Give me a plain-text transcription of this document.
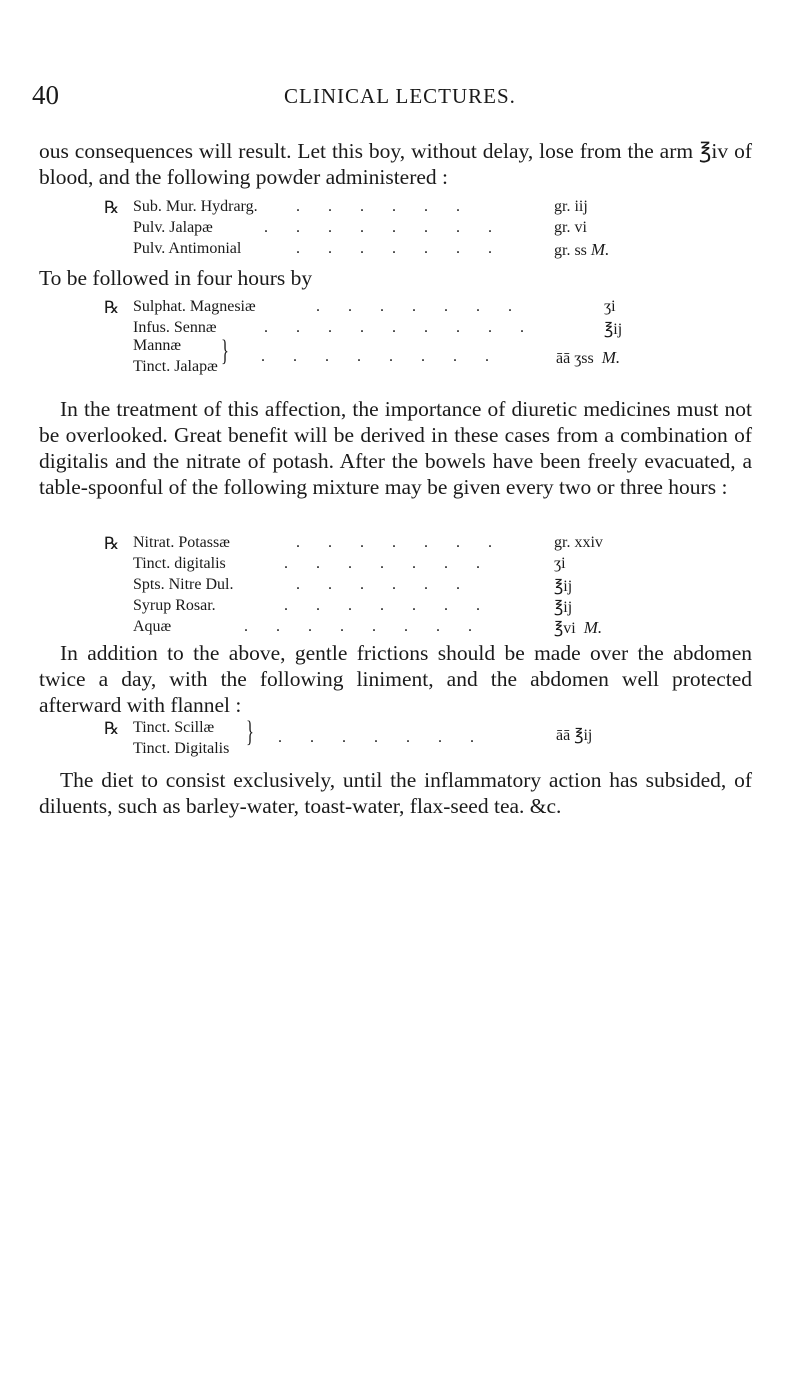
40	CLINICAL LECTURES.

ous consequences will result. Let this boy, without delay, lose from the arm ℥iv of blood, and the following powder administered :

℞ Sub. Mur. Hydrarg. . . . . . .	gr. iij
Pulv. Jalapæ	. . . . . . . .	gr. vi
Pulv. Antimonial	. . . . . . .	gr. ss M.

To be followed in four hours by

℞ Sulphat. Magnesiæ	. . . . . . .	ʒi
Infus. Sennæ	. . . . . . . . .	℥ij
Mannæ } . . . . . . . .	āā ʒss M.
Tinct. Jalapæ

In the treatment of this affection, the importance of diuretic medicines must not be overlooked. Great benefit will be derived in these cases from a combination of digitalis and the nitrate of potash. After the bowels have been freely evacuated, a table-spoonful of the following mixture may be given every two or three hours :

℞ Nitrat. Potassæ	. . . . . . .	gr. xxiv
Tinct. digitalis	. . . . . . .	ʒi
Spts. Nitre Dul.	. . . . . .	℥ij
Syrup Rosar.	. . . . . . .	℥ij
Aquæ	. . . . . . . .	℥vi M.

In addition to the above, gentle frictions should be made over the abdomen twice a day, with the following liniment, and the abdomen well protected afterward with flannel :

℞ Tinct. Scillæ } . . . . . . .	āā ℥ij
Tinct. Digitalis

The diet to consist exclusively, until the inflammatory action has subsided, of diluents, such as barley-water, toast-water, flax-seed tea. &c.
